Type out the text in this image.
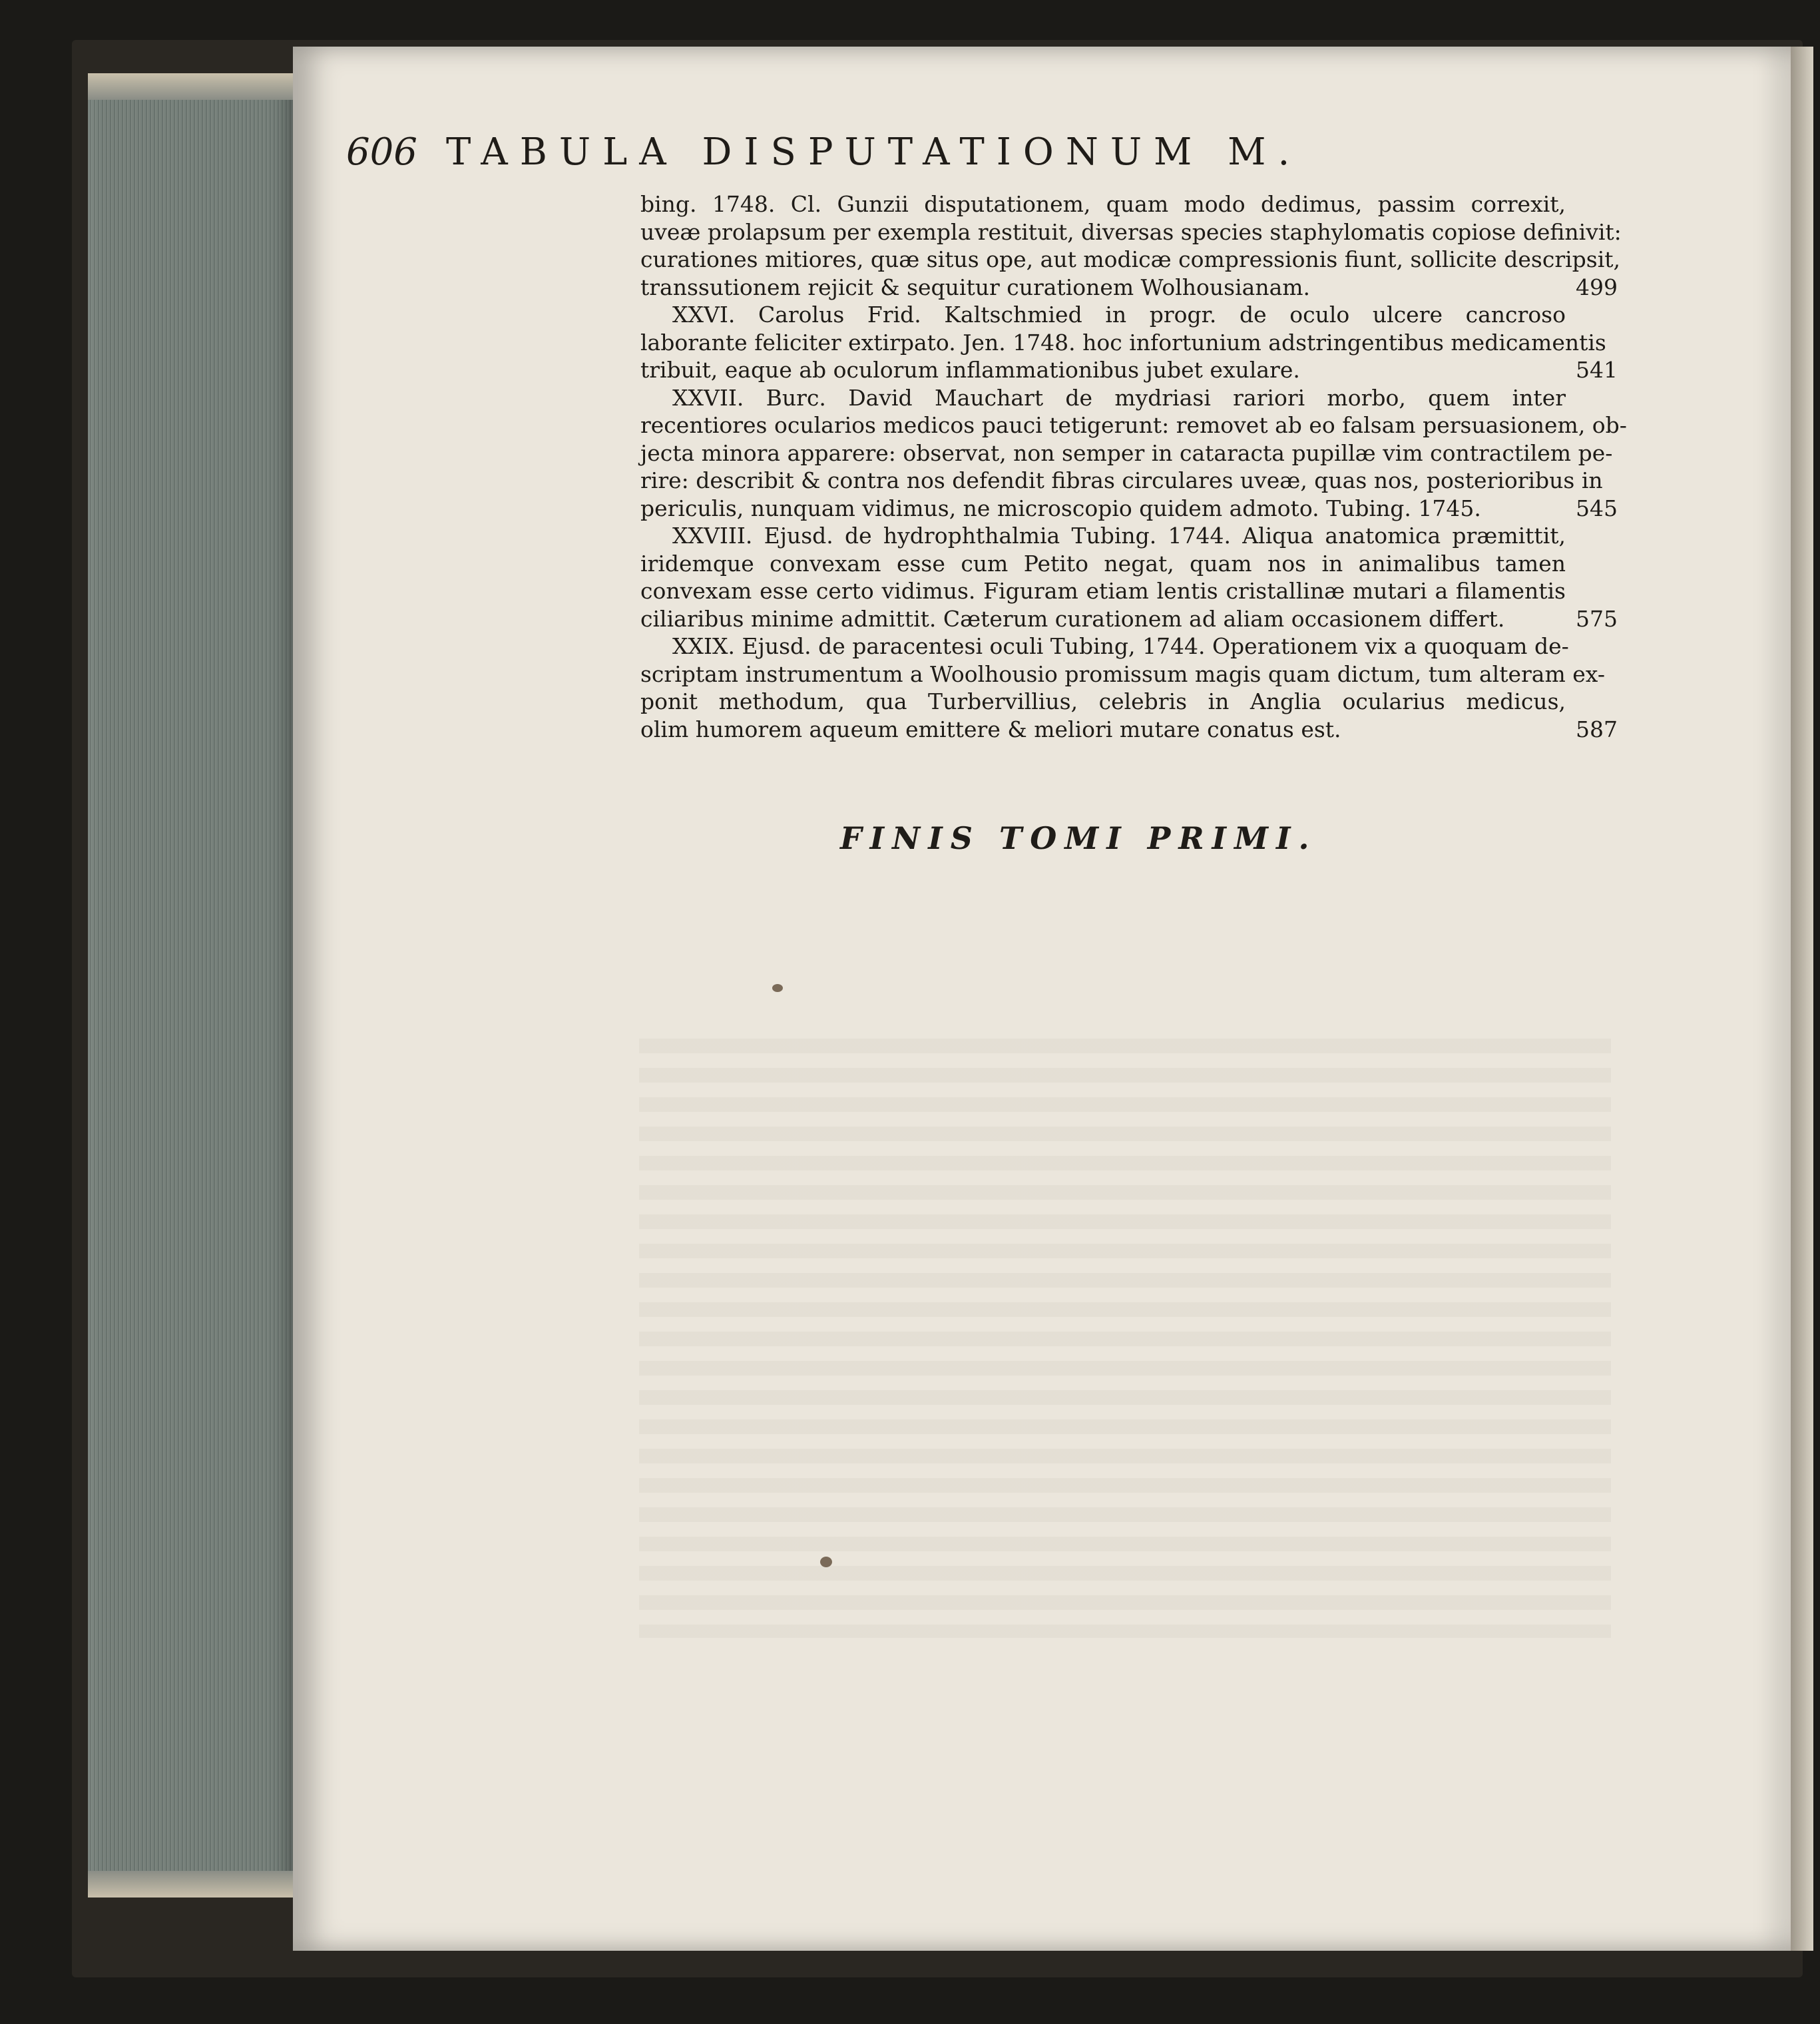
606 TABULA DISPUTATIONUM M.
bing. 1748. Cl. Gunzii disputationem, quam modo dedimus, passim correxit,
uveæ prolapsum per exempla restituit, diversas species staphylomatis copiose definivit:
curationes mitiores, quæ situs ope, aut modicæ compressionis fiunt, sollicite descripsit,
transsutionem rejicit & sequitur curationem Wolhousianam.	499
XXVI. Carolus Frid. Kaltschmied in progr. de oculo ulcere cancroso
laborante feliciter extirpato. Jen. 1748. hoc infortunium adstringentibus medicamentis
tribuit, eaque ab oculorum inflammationibus jubet exulare.	541
XXVII. Burc. David Mauchart de mydriasi rariori morbo, quem inter
recentiores ocularios medicos pauci tetigerunt: removet ab eo falsam persuasionem, ob-
jecta minora apparere: observat, non semper in cataracta pupillæ vim contractilem pe-
rire: describit & contra nos defendit fibras circulares uveæ, quas nos, posterioribus in
periculis, nunquam vidimus, ne microscopio quidem admoto. Tubing. 1745.	545
XXVIII. Ejusd. de hydrophthalmia Tubing. 1744. Aliqua anatomica præmittit,
iridemque convexam esse cum Petito negat, quam nos in animalibus tamen
convexam esse certo vidimus. Figuram etiam lentis cristallinæ mutari a filamentis
ciliaribus minime admittit. Cæterum curationem ad aliam occasionem differt.	575
XXIX. Ejusd. de paracentesi oculi Tubing, 1744. Operationem vix a quoquam de-
scriptam instrumentum a Woolhousio promissum magis quam dictum, tum alteram ex-
ponit methodum, qua Turbervillius, celebris in Anglia ocularius medicus,
olim humorem aqueum emittere & meliori mutare conatus est.	587
FINIS TOMI PRIMI.
